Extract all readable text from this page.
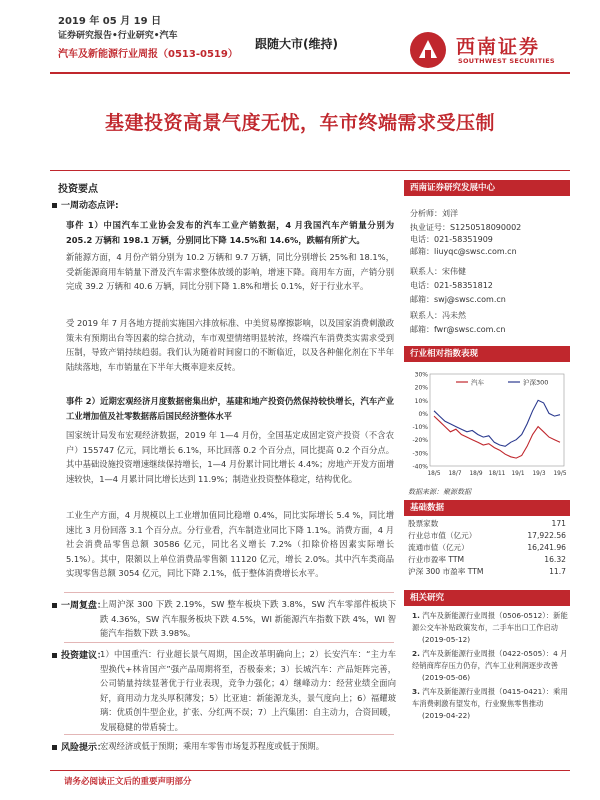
2019 年 05 月 19 日
证券研究报告•行业研究•汽车
汽车及新能源行业周报（0513-0519）
跟随大市(维持)	西南证券
SOUTHWEST SECURITIES
基建投资高景气度无忧，车市终端需求受压制
投资要点
一周动态点评:
事件 1）中国汽车工业协会发布的汽车工业产销数据，4 月我国汽车产销量分别为 205.2 万辆和 198.1 万辆，分别同比下降 14.5%和 14.6%，跌幅有所扩大。
新能源方面，4 月份产销分别为 10.2 万辆和 9.7 万辆，同比分别增长 25%和 18.1%，受新能源商用车销量下滑及汽车需求整体放缓的影响，增速下降。商用车方面，产销分别完成 39.2 万辆和 40.6 万辆，同比分别下降 1.8%和增长 0.1%，好于行业水平。
受 2019 年 7 月各地方提前实施国六排放标准、中美贸易摩擦影响，以及国家消费刺激政策未有预期出台等因素的综合扰动，车市观望情绪明显转浓，终端汽车消费类实需求受到压制，导致产销持续趋弱。我们认为随着时间窗口的不断临近，以及各种催化剂在下半年陆续落地，车市销量在下半年大概率迎来反转。
事件 2）近期宏观经济月度数据密集出炉，基建和地产投资仍然保持较快增长，汽车产业工业增加值及社零数据落后国民经济整体水平
国家统计局发布宏观经济数据，2019 年 1—4 月份，全国基定成固定资产投资（不含农户）155747 亿元，同比增长 6.1%，环比回落 0.2 个百分点，同比提高 0.2 个百分点。其中基础设施投资增速继续保持增长，1—4 月份累计同比增长 4.4%；房地产开发方面增速较快，1—4 月累计同比增长达到 11.9%；制造业投资整体稳定，结构优化。
工业生产方面，4 月规模以上工业增加值同比稳增 0.4%，同比实际增长 5.4 %，同比增速比 3 月份回落 3.1 个百分点。分行业看，汽车制造业同比下降 1.1%。消费方面，4 月社会消费品零售总额 30586 亿元，同比名义增长 7.2%（扣除价格因素实际增长 5.1%）。其中，限额以上单位消费品零售额 11120 亿元，增长 2.0%。其中汽车类商品实现零售总额 3054 亿元，同比下降 2.1%，低于整体消费增长水平。
一周复盘：
上周沪深 300 下跌 2.19%，SW 整车板块下跌 3.8%，SW 汽车零部件板块下跌 4.36%，SW 汽车服务板块下跌 4.5%，WI 新能源汽车指数下跌 4%，WI 智能汽车指数下跌 3.98%。
投资建议：
1）中国重汽：行业超长景气周期，国企改革明确向上；2）长安汽车：“主力车型换代+林肯国产”强产品周期将至，否极泰来；3）长城汽车：产品矩阵完善，公司销量持续显著优于行业表现，竞争力强化；4）继峰动力：经营业绩全面向好，商用动力龙头厚积薄发；5）比亚迪：新能源龙头，景气度向上；6）福耀玻璃：优质创牛型企业，扩张、分红两不误；7）上汽集团：自主动力，合资回暖，发展稳健的带盾骑士。
风险提示：
宏观经济或低于预期；乘用车零售市场复苏程度或低于预期。
西南证券研究发展中心
分析师：刘洋
执业证号：S1250518090002
电话：021-58351909
邮箱：liuyqc@swsc.com.cn
联系人：宋伟健
电话：021-58351812
邮箱：swj@swsc.com.cn
联系人：冯未然
邮箱：fwr@swsc.com.cn
行业相对指数表现
30%
20%
10%
0%
-10%
-20%
-30%
-40%
18/5 18/7 18/9 18/11 19/1 19/3 19/5
汽车	沪深300
数据来源：聚源数据
基础数据
股票家数	171
行业总市值（亿元）	17,922.56
流通市值（亿元）	16,241.96
行业市盈率 TTM	16.32
沪深 300 市盈率 TTM	11.7
相关研究
1. 汽车及新能源行业周报（0506-0512）：新能源公交车补贴政策发布，二手车出口工作启动
(2019-05-12)
2. 汽车及新能源行业周报（0422-0505）：4 月经销商库存压力仍存，汽车工业利润逐步改善
(2019-05-06)
3. 汽车及新能源行业周报（0415-0421）：乘用车消费刺激有望发布，行业聚焦零售推动
(2019-04-22)
请务必阅读正文后的重要声明部分
